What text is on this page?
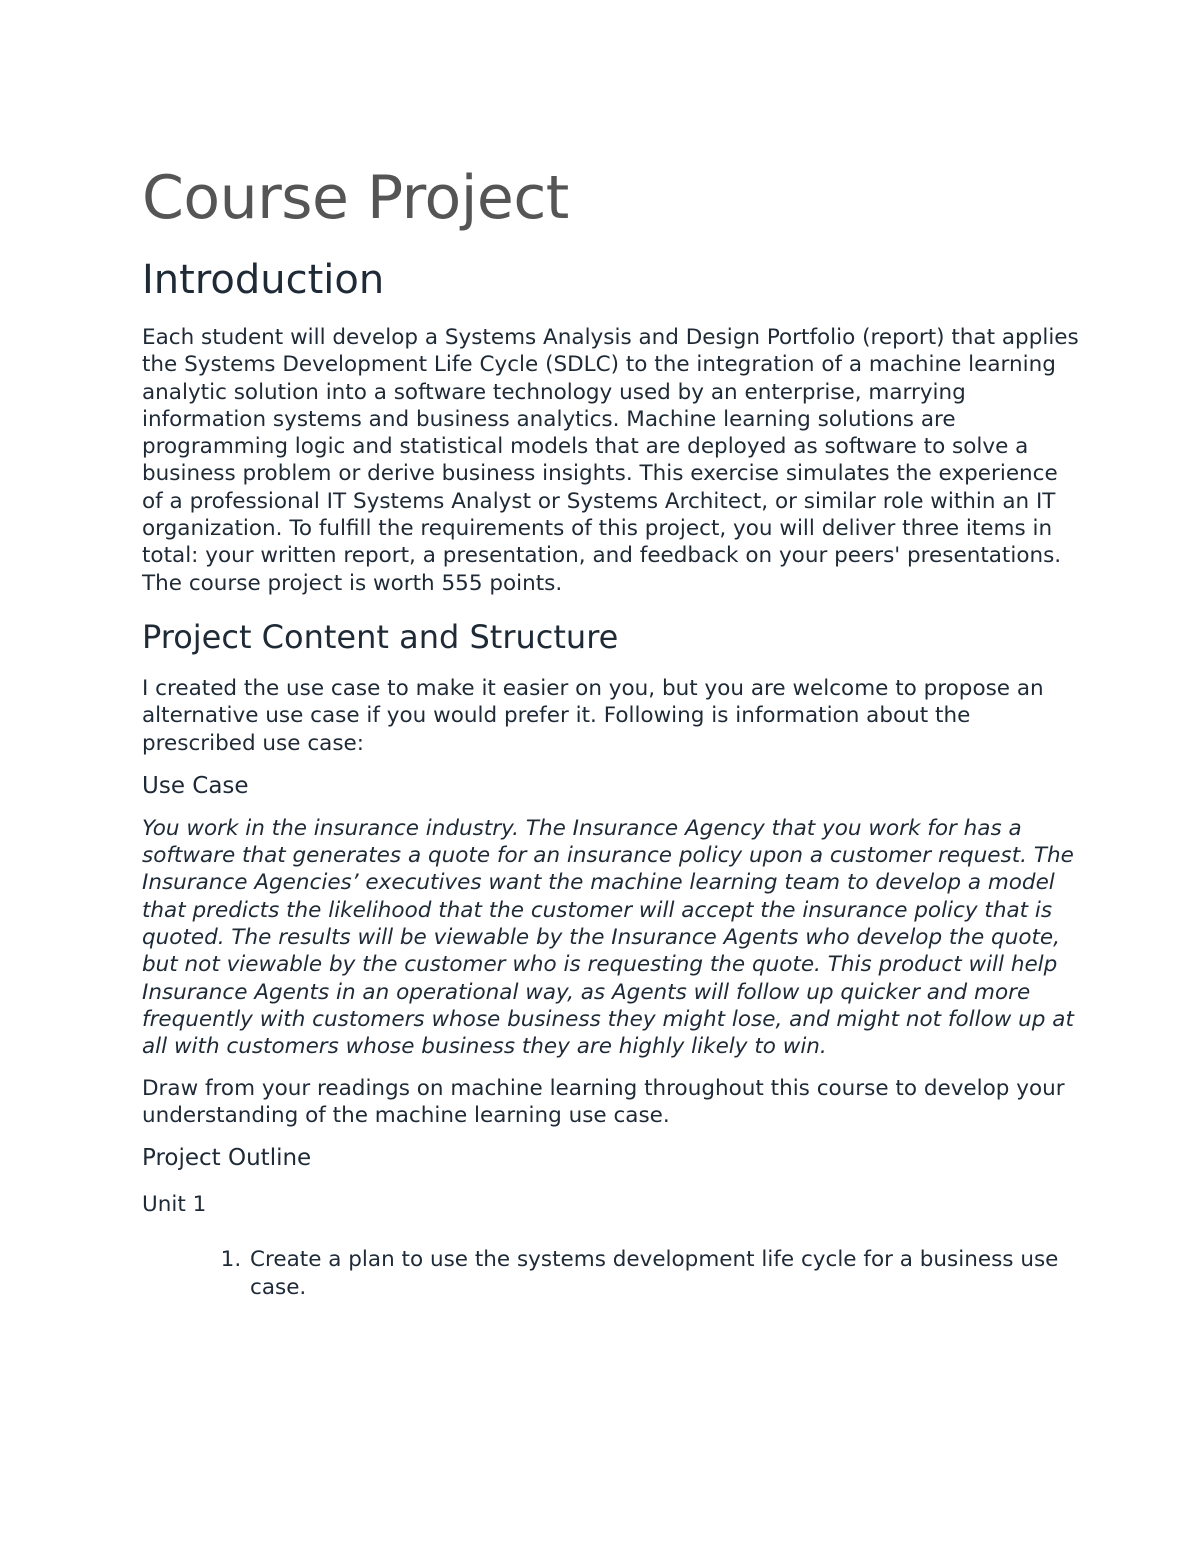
Course Project
Introduction

Each student will develop a Systems Analysis and Design Portfolio (report) that applies the Systems Development Life Cycle (SDLC) to the integration of a machine learning analytic solution into a software technology used by an enterprise, marrying information systems and business analytics. Machine learning solutions are programming logic and statistical models that are deployed as software to solve a business problem or derive business insights. This exercise simulates the experience of a professional IT Systems Analyst or Systems Architect, or similar role within an IT organization. To fulfill the requirements of this project, you will deliver three items in total: your written report, a presentation, and feedback on your peers' presentations. The course project is worth 555 points.

Project Content and Structure

I created the use case to make it easier on you, but you are welcome to propose an alternative use case if you would prefer it. Following is information about the prescribed use case:

Use Case

You work in the insurance industry. The Insurance Agency that you work for has a software that generates a quote for an insurance policy upon a customer request. The Insurance Agencies’ executives want the machine learning team to develop a model that predicts the likelihood that the customer will accept the insurance policy that is quoted. The results will be viewable by the Insurance Agents who develop the quote, but not viewable by the customer who is requesting the quote. This product will help Insurance Agents in an operational way, as Agents will follow up quicker and more frequently with customers whose business they might lose, and might not follow up at all with customers whose business they are highly likely to win.

Draw from your readings on machine learning throughout this course to develop your understanding of the machine learning use case.

Project Outline
Unit 1
1. Create a plan to use the systems development life cycle for a business use case.
